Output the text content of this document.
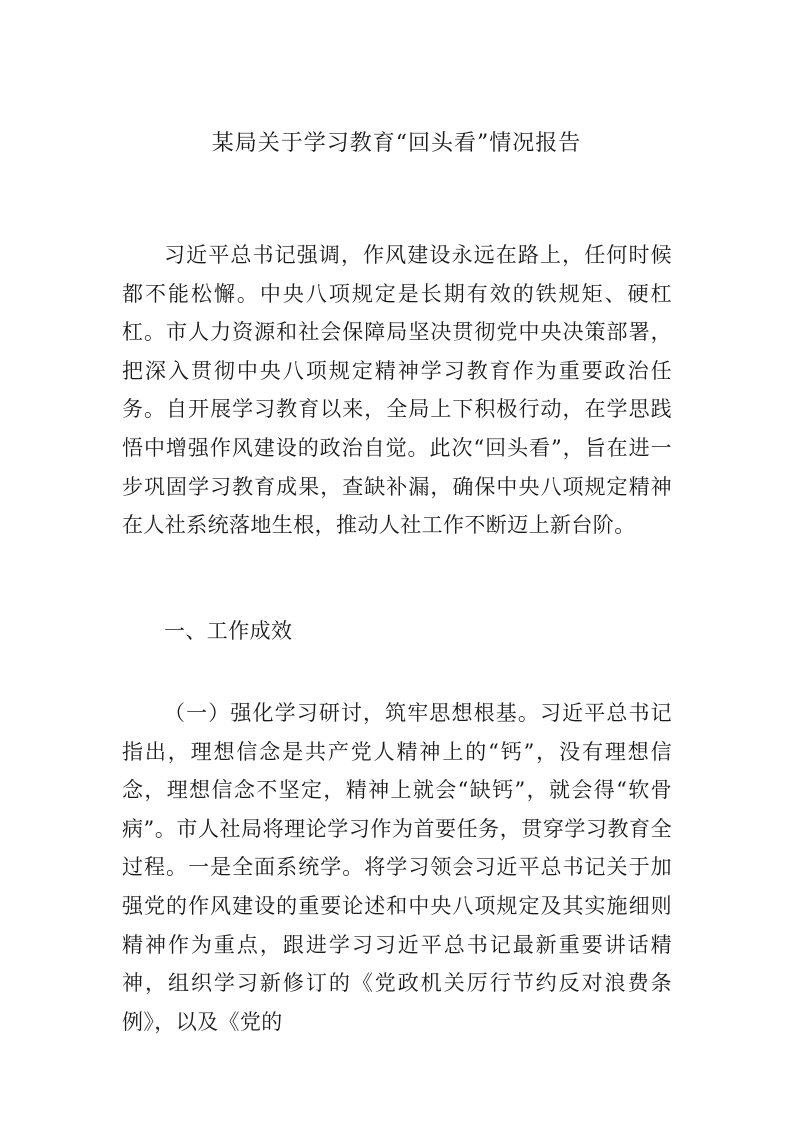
某局关于学习教育“回头看”情况报告

习近平总书记强调，作风建设永远在路上，任何时候都不能松懈。中央八项规定是长期有效的铁规矩、硬杠杠。市人力资源和社会保障局坚决贯彻党中央决策部署，把深入贯彻中央八项规定精神学习教育作为重要政治任务。自开展学习教育以来，全局上下积极行动，在学思践悟中增强作风建设的政治自觉。此次“回头看”，旨在进一步巩固学习教育成果，查缺补漏，确保中央八项规定精神在人社系统落地生根，推动人社工作不断迈上新台阶。

一、工作成效

（一）强化学习研讨，筑牢思想根基。习近平总书记指出，理想信念是共产党人精神上的“钙”，没有理想信念，理想信念不坚定，精神上就会“缺钙”，就会得“软骨病”。市人社局将理论学习作为首要任务，贯穿学习教育全过程。一是全面系统学。将学习领会习近平总书记关于加强党的作风建设的重要论述和中央八项规定及其实施细则精神作为重点，跟进学习习近平总书记最新重要讲话精神，组织学习新修订的《党政机关厉行节约反对浪费条例》，以及《党的
